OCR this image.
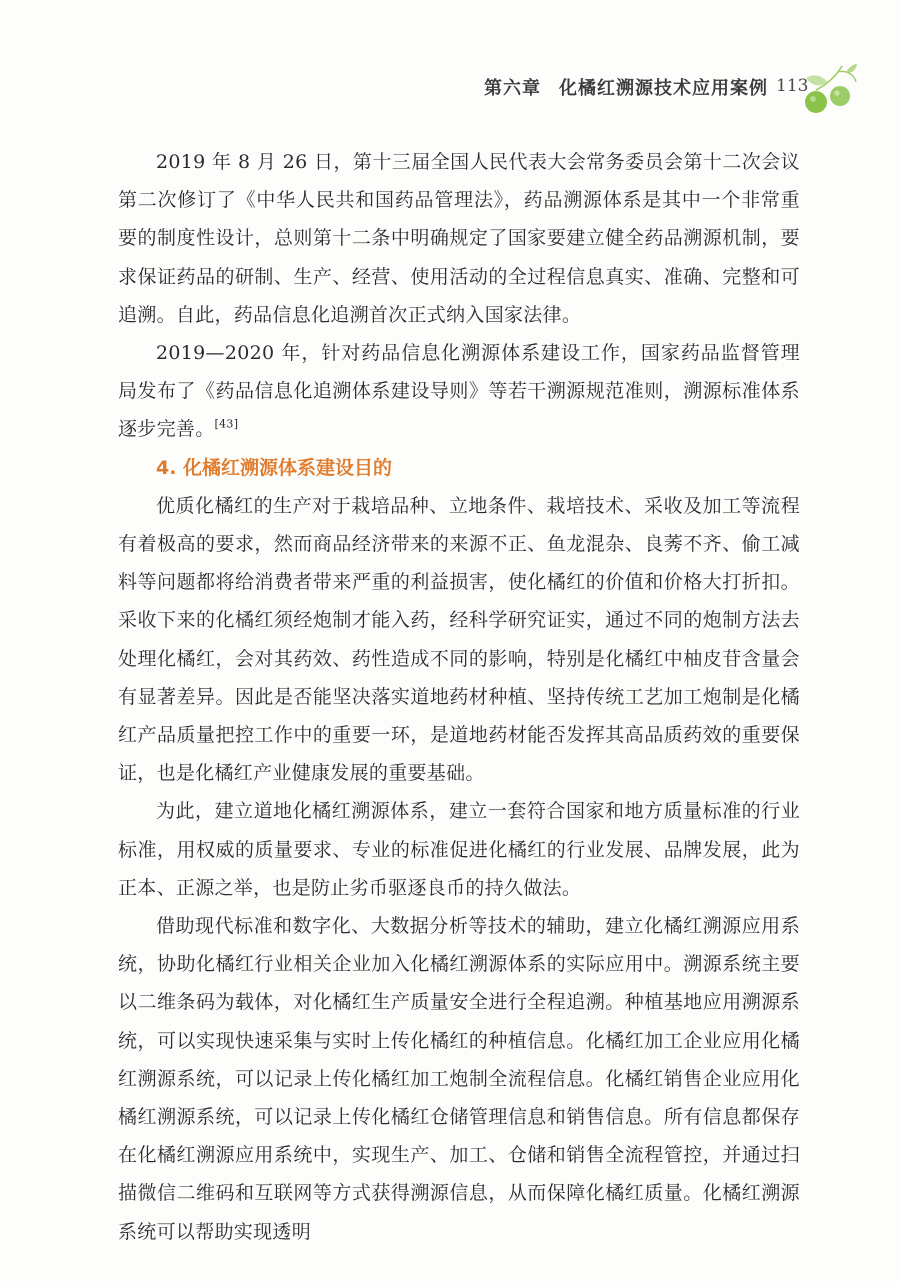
第六章 化橘红溯源技术应用案例 113

2019 年 8 月 26 日，第十三届全国人民代表大会常务委员会第十二次会议第二次修订了《中华人民共和国药品管理法》，药品溯源体系是其中一个非常重要的制度性设计，总则第十二条中明确规定了国家要建立健全药品溯源机制，要求保证药品的研制、生产、经营、使用活动的全过程信息真实、准确、完整和可追溯。自此，药品信息化追溯首次正式纳入国家法律。

2019—2020 年，针对药品信息化溯源体系建设工作，国家药品监督管理局发布了《药品信息化追溯体系建设导则》等若干溯源规范准则，溯源标准体系逐步完善。[43]

4. 化橘红溯源体系建设目的

优质化橘红的生产对于栽培品种、立地条件、栽培技术、采收及加工等流程有着极高的要求，然而商品经济带来的来源不正、鱼龙混杂、良莠不齐、偷工减料等问题都将给消费者带来严重的利益损害，使化橘红的价值和价格大打折扣。采收下来的化橘红须经炮制才能入药，经科学研究证实，通过不同的炮制方法去处理化橘红，会对其药效、药性造成不同的影响，特别是化橘红中柚皮苷含量会有显著差异。因此是否能坚决落实道地药材种植、坚持传统工艺加工炮制是化橘红产品质量把控工作中的重要一环，是道地药材能否发挥其高品质药效的重要保证，也是化橘红产业健康发展的重要基础。

为此，建立道地化橘红溯源体系，建立一套符合国家和地方质量标准的行业标准，用权威的质量要求、专业的标准促进化橘红的行业发展、品牌发展，此为正本、正源之举，也是防止劣币驱逐良币的持久做法。

借助现代标准和数字化、大数据分析等技术的辅助，建立化橘红溯源应用系统，协助化橘红行业相关企业加入化橘红溯源体系的实际应用中。溯源系统主要以二维条码为载体，对化橘红生产质量安全进行全程追溯。种植基地应用溯源系统，可以实现快速采集与实时上传化橘红的种植信息。化橘红加工企业应用化橘红溯源系统，可以记录上传化橘红加工炮制全流程信息。化橘红销售企业应用化橘红溯源系统，可以记录上传化橘红仓储管理信息和销售信息。所有信息都保存在化橘红溯源应用系统中，实现生产、加工、仓储和销售全流程管控，并通过扫描微信二维码和互联网等方式获得溯源信息，从而保障化橘红质量。化橘红溯源系统可以帮助实现透明
